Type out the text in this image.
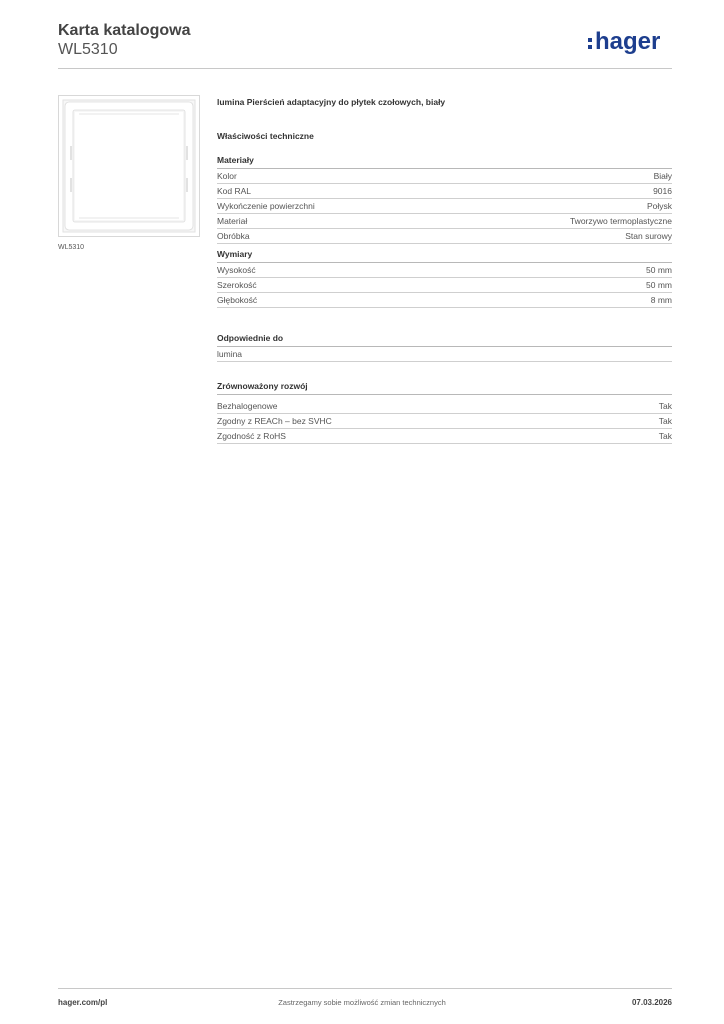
Karta katalogowa
WL5310	hager
WL5310
lumina Pierścień adaptacyjny do płytek czołowych, biały
Właściwości techniczne
Materiały
Kolor	Biały
Kod RAL	9016
Wykończenie powierzchni	Połysk
Materiał	Tworzywo termoplastyczne
Obróbka	Stan surowy
Wymiary
Wysokość	50 mm
Szerokość	50 mm
Głębokość	8 mm
Odpowiednie do
lumina
Zrównoważony rozwój
Bezhalogenowe	Tak
Zgodny z REACh – bez SVHC	Tak
Zgodność z RoHS	Tak
hager.com/pl	Zastrzegamy sobie możliwość zmian technicznych	07.03.2026
